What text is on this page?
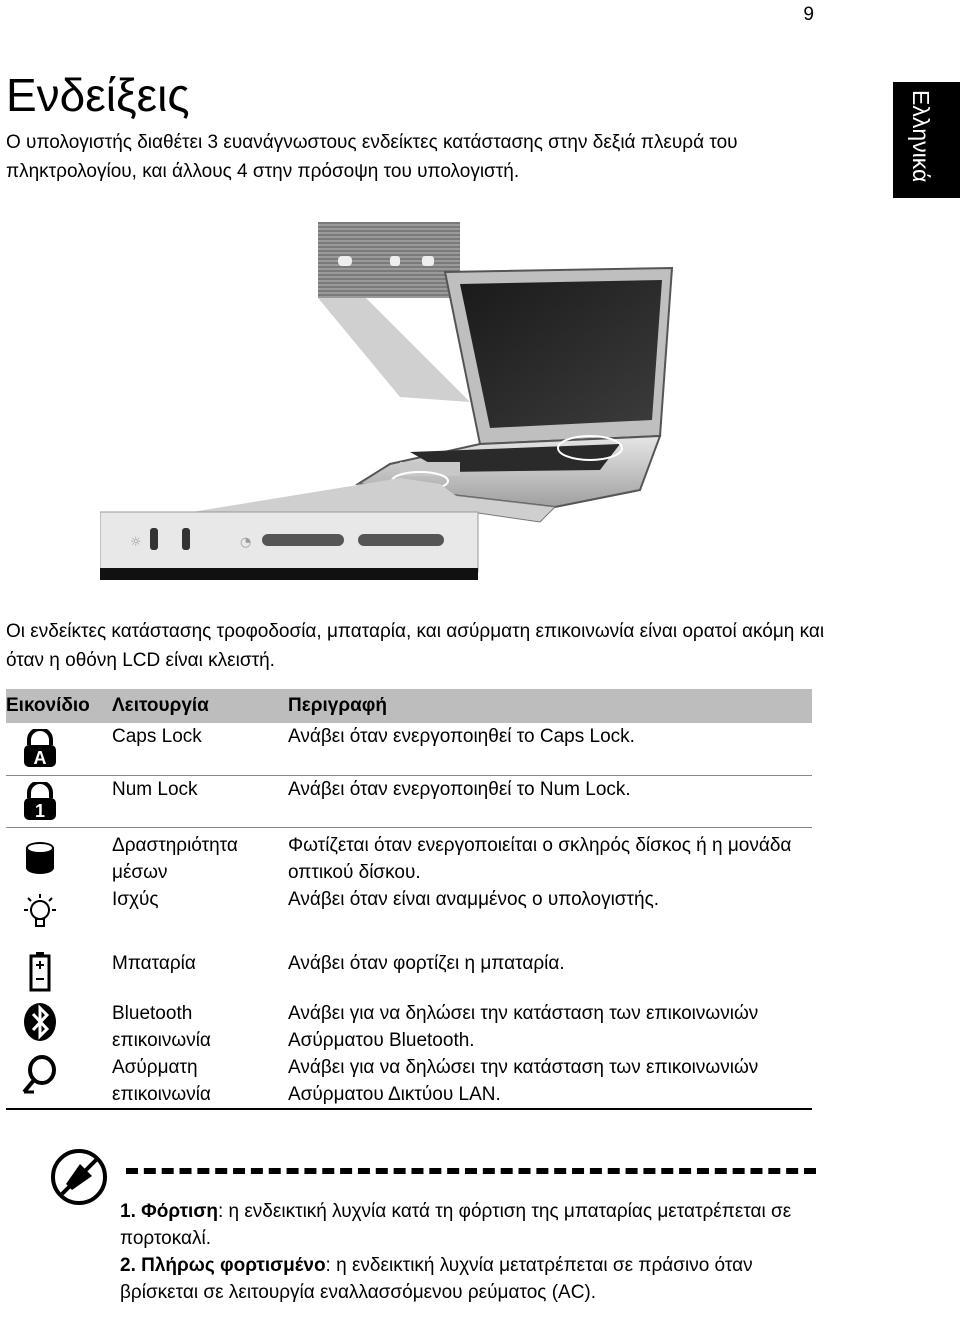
9
Ελληνικά
Ενδείξεις
Ο υπολογιστής διαθέτει 3 ευανάγνωστους ενδείκτες κατάστασης στην δεξιά πλευρά του πληκτρολογίου, και άλλους 4 στην πρόσοψη του υπολογιστή.
☼	◔
Οι ενδείκτες κατάστασης τροφοδοσία, μπαταρία, και ασύρματη επικοινωνία είναι ορατοί ακόμη και όταν η οθόνη LCD είναι κλειστή.
Εικονίδιο	Λειτουργία	Περιγραφή

A	Caps Lock	Ανάβει όταν ενεργοποιηθεί το Caps Lock.

1	Num Lock	Ανάβει όταν ενεργοποιηθεί το Num Lock.

	Δραστηριότητα μέσων	Φωτίζεται όταν ενεργοποιείται ο σκληρός δίσκος ή η μονάδα οπτικού δίσκου.

	Ισχύς	Ανάβει όταν είναι αναμμένος ο υπολογιστής.

	Μπαταρία	Ανάβει όταν φορτίζει η μπαταρία.

	Bluetooth επικοινωνία	Ανάβει για να δηλώσει την κατάσταση των επικοινωνιών Ασύρματου Bluetooth.

	Ασύρματη επικοινωνία	Ανάβει για να δηλώσει την κατάσταση των επικοινωνιών Ασύρματου Δικτύου LAN.
1. Φόρτιση: η ενδεικτική λυχνία κατά τη φόρτιση της μπαταρίας μετατρέπεται σε πορτοκαλί.
2. Πλήρως φορτισμένο: η ενδεικτική λυχνία μετατρέπεται σε πράσινο όταν βρίσκεται σε λειτουργία εναλλασσόμενου ρεύματος (AC).
